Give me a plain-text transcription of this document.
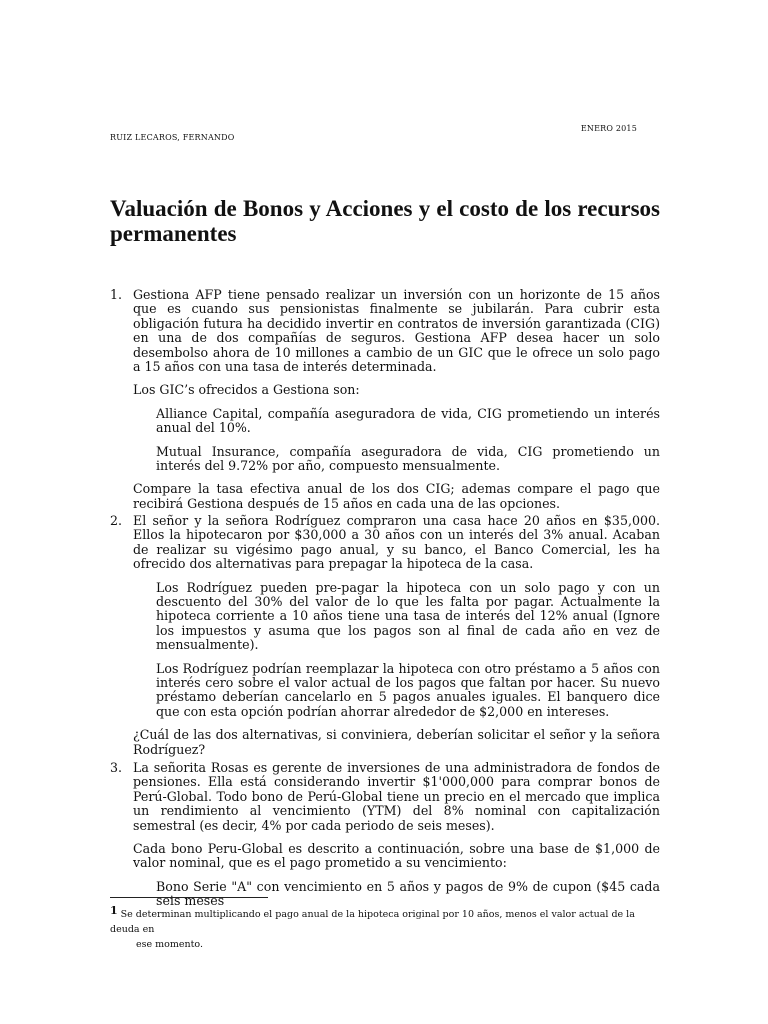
ENERO 2015
RUIZ LECAROS, FERNANDO
Valuación de Bonos y Acciones y el costo de los recursos permanentes
1. Gestiona AFP tiene pensado realizar un inversión con un horizonte de 15 años que es cuando sus pensionistas finalmente se jubilarán. Para cubrir esta obligación futura ha decidido invertir en contratos de inversión garantizada (CIG) en una de dos compañías de seguros. Gestiona AFP desea hacer un solo desembolso ahora de 10 millones a cambio de un GIC que le ofrece un solo pago a 15 años con una tasa de interés determinada.

Los GIC’s ofrecidos a Gestiona son:

Alliance Capital, compañía aseguradora de vida, CIG prometiendo un interés anual del 10%.

Mutual Insurance, compañía aseguradora de vida, CIG prometiendo un interés del 9.72% por año, compuesto mensualmente.

Compare la tasa efectiva anual de los dos CIG; ademas compare el pago que recibirá Gestiona después de 15 años en cada una de las opciones.

2. El señor y la señora Rodríguez compraron una casa hace 20 años en $35,000. Ellos la hipotecaron por $30,000 a 30 años con un interés del 3% anual. Acaban de realizar su vigésimo pago anual, y su banco, el Banco Comercial, les ha ofrecido dos alternativas para prepagar la hipoteca de la casa.

Los Rodríguez pueden pre-pagar la hipoteca con un solo pago y con un descuento del 30% del valor de lo que les falta por pagar. Actualmente la hipoteca corriente a 10 años tiene una tasa de interés del 12% anual (Ignore los impuestos y asuma que los pagos son al final de cada año en vez de mensualmente).

Los Rodríguez podrían reemplazar la hipoteca con otro préstamo a 5 años con interés cero sobre el valor actual de los pagos que faltan por hacer. Su nuevo préstamo deberían cancelarlo en 5 pagos anuales iguales. El banquero dice que con esta opción podrían ahorrar alrededor de $2,000 en intereses.

¿Cuál de las dos alternativas, si conviniera, deberían solicitar el señor y la señora Rodríguez?

3. La señorita Rosas es gerente de inversiones de una administradora de fondos de pensiones. Ella está considerando invertir $1'000,000 para comprar bonos de Perú-Global. Todo bono de Perú-Global tiene un precio en el mercado que implica un rendimiento al vencimiento (YTM) del 8% nominal con capitalización semestral (es decir, 4% por cada periodo de seis meses).

Cada bono Peru-Global es descrito a continuación, sobre una base de $1,000 de valor nominal, que es el pago prometido a su vencimiento:

Bono Serie "A" con vencimiento en 5 años y pagos de 9% de cupon ($45 cada seis meses

1 Se determinan multiplicando el pago anual de la hipoteca original por 10 años, menos el valor actual de la deuda en
ese momento.
